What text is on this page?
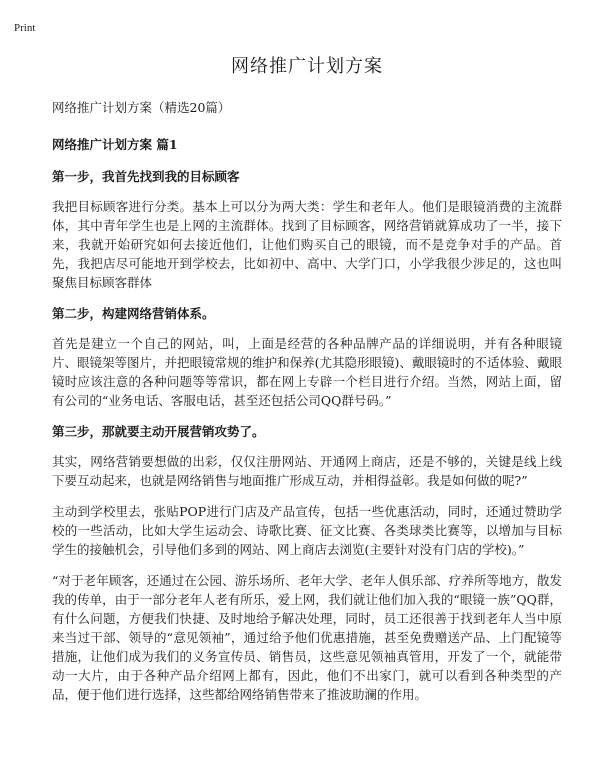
Print
网络推广计划方案
网络推广计划方案（精选20篇）
网络推广计划方案 篇1
第一步，我首先找到我的目标顾客
我把目标顾客进行分类。基本上可以分为两大类：学生和老年人。他们是眼镜消费的主流群体，其中青年学生也是上网的主流群体。找到了目标顾客，网络营销就算成功了一半，接下来，我就开始研究如何去接近他们，让他们购买自己的眼镜，而不是竞争对手的产品。首先，我把店尽可能地开到学校去，比如初中、高中、大学门口，小学我很少涉足的，这也叫聚焦目标顾客群体
第二步，构建网络营销体系。
首先是建立一个自己的网站，叫，上面是经营的各种品牌产品的详细说明，并有各种眼镜片、眼镜架等图片，并把眼镜常规的维护和保养(尤其隐形眼镜)、戴眼镜时的不适体验、戴眼镜时应该注意的各种问题等等常识，都在网上专辟一个栏目进行介绍。当然，网站上面，留有公司的“业务电话、客服电话，甚至还包括公司QQ群号码。”
第三步，那就要主动开展营销攻势了。
其实，网络营销要想做的出彩，仅仅注册网站、开通网上商店，还是不够的，关键是线上线下要互动起来，也就是网络销售与地面推广形成互动，并相得益彰。我是如何做的呢?”
主动到学校里去，张贴POP进行门店及产品宣传，包括一些优惠活动，同时，还通过赞助学校的一些活动，比如大学生运动会、诗歌比赛、征文比赛、各类球类比赛等，以增加与目标学生的接触机会，引导他们多到的网站、网上商店去浏览(主要针对没有门店的学校)。”
“对于老年顾客，还通过在公园、游乐场所、老年大学、老年人俱乐部、疗养所等地方，散发我的传单，由于一部分老年人老有所乐，爱上网，我们就让他们加入我的“眼镜一族”QQ群，有什么问题，方便我们快捷、及时地给予解决处理，同时，员工还很善于找到老年人当中原来当过干部、领导的“意见领袖”，通过给予他们优惠措施，甚至免费赠送产品、上门配镜等措施，让他们成为我们的义务宣传员、销售员，这些意见领袖真管用，开发了一个，就能带动一大片，由于各种产品介绍网上都有，因此，他们不出家门，就可以看到各种类型的产品，便于他们进行选择，这些都给网络销售带来了推波助澜的作用。
